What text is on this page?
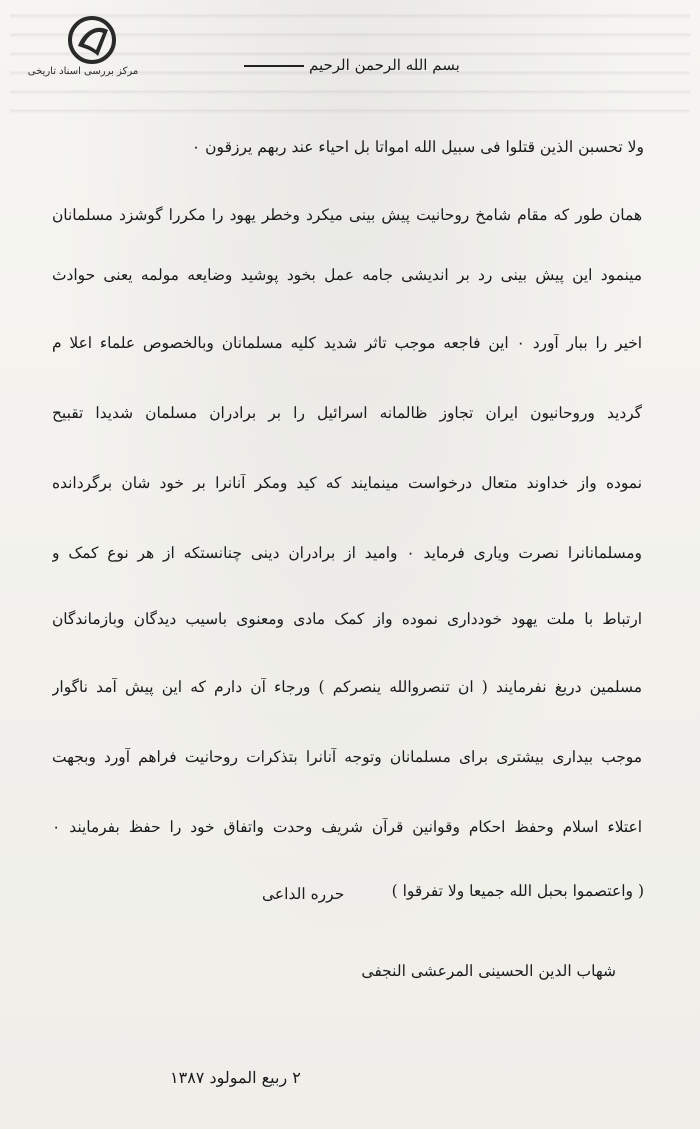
مرکز بررسی اسناد تاریخی	بسم الله الرحمن الرحيم
ولا تحسبن الذين قتلوا فی سبيل الله امواتا بل احياء عند ربهم يرزقون ٠
همان طور که مقام شامخ روحانيت پيش بينی ميکرد وخطر يهود را مکررا گوشزد مسلمانان
مينمود اين پيش بينی رد بر انديشی جامه عمل بخود پوشيد وضايعه مولمه يعنی حوادث
اخير را ببار آورد ٠ اين فاجعه موجب تاثر شديد کليه مسلمانان وبالخصوص علماء اعلا م
گرديد وروحانيون ايران تجاوز ظالمانه اسرائيل را بر برادران مسلمان شديدا تقبيح
نموده واز خداوند متعال درخواست مينمايند که کيد ومکر آنانرا بر خود شان برگردانده
ومسلمانانرا نصرت ويارى فرمايد ٠ واميد از برادران دينی چنانستکه از هر نوع کمک و
ارتباط با ملت يهود خودداری نموده واز کمک مادی ومعنوی باسيب ديدگان وبازماندگان
مسلمين دريغ نفرمايند ( ان تنصروالله ينصركم ) ورجاء آن دارم که اين پيش آمد ناگوار
موجب بيداری بيشتری برای مسلمانان وتوجه آنانرا بتذکرات روحانيت فراهم آورد وبجهت
اعتلاء اسلام وحفظ احکام وقوانين قرآن شريف وحدت واتفاق خود را حفظ بفرمايند ٠
( واعتصموا بحبل الله جميعا ولا تفرقوا )
حرره الداعی
شهاب الدين الحسينی المرعشی النجفی
٢ ربيع المولود ١٣٨٧
